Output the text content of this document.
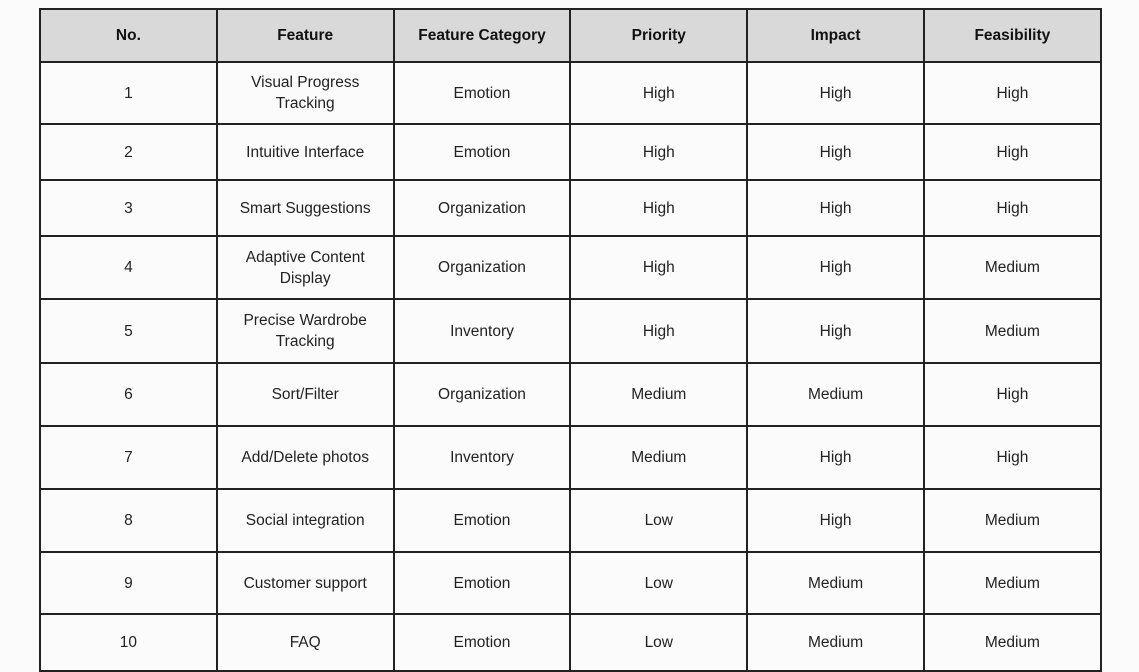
No.	Feature	Feature Category	Priority	Impact	Feasibility
1	Visual Progress Tracking	Emotion	High	High	High
2	Intuitive Interface	Emotion	High	High	High
3	Smart Suggestions	Organization	High	High	High
4	Adaptive Content Display	Organization	High	High	Medium
5	Precise Wardrobe Tracking	Inventory	High	High	Medium
6	Sort/Filter	Organization	Medium	Medium	High
7	Add/Delete photos	Inventory	Medium	High	High
8	Social integration	Emotion	Low	High	Medium
9	Customer support	Emotion	Low	Medium	Medium
10	FAQ	Emotion	Low	Medium	Medium
